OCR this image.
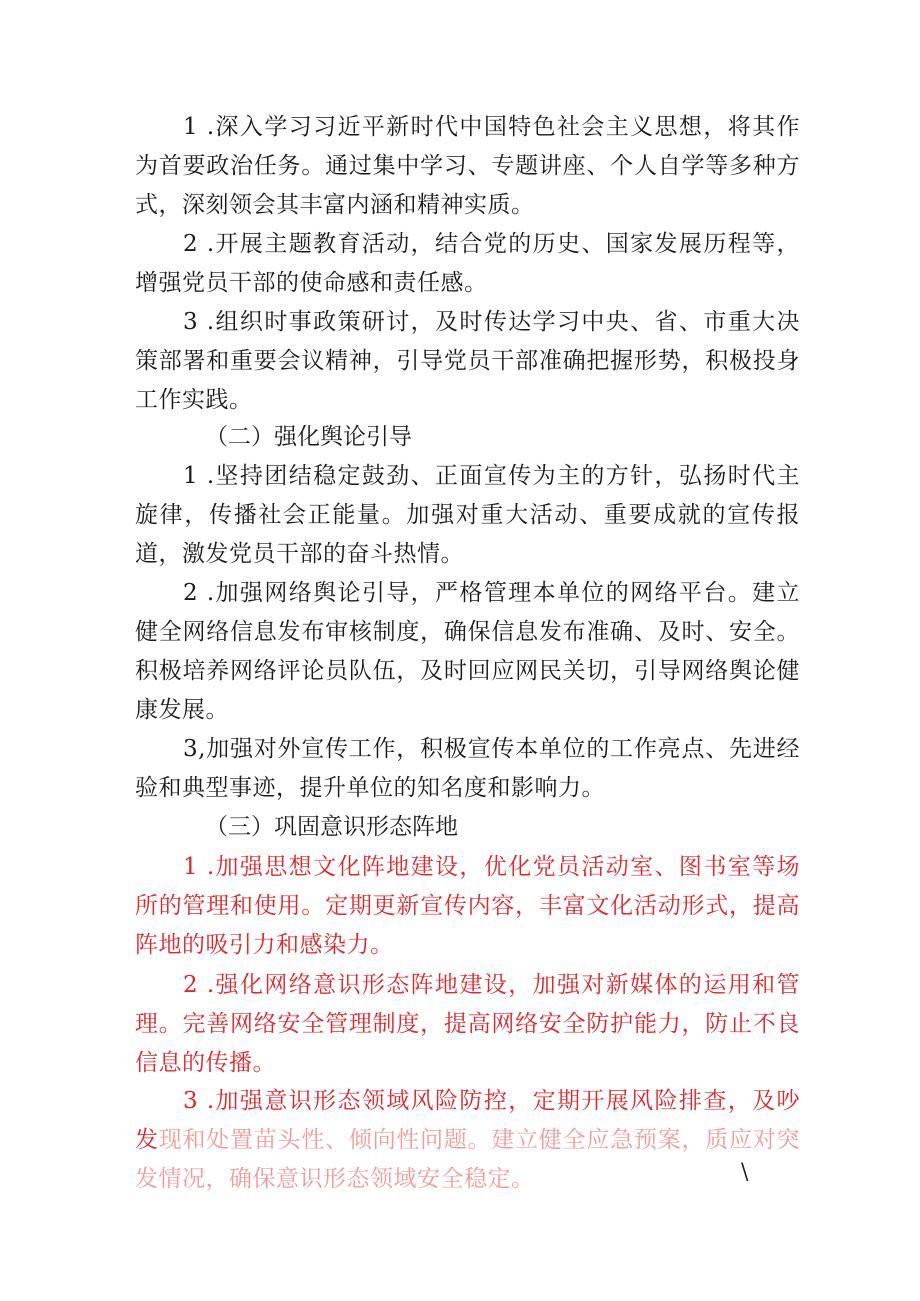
1 .深入学习习近平新时代中国特色社会主义思想，将其作为首要政治任务。通过集中学习、专题讲座、个人自学等多种方式，深刻领会其丰富内涵和精神实质。

2 .开展主题教育活动，结合党的历史、国家发展历程等，增强党员干部的使命感和责任感。

3 .组织时事政策研讨，及时传达学习中央、省、市重大决策部署和重要会议精神，引导党员干部准确把握形势，积极投身工作实践。

（二）强化舆论引导

1 .坚持团结稳定鼓劲、正面宣传为主的方针，弘扬时代主旋律，传播社会正能量。加强对重大活动、重要成就的宣传报道，激发党员干部的奋斗热情。

2 .加强网络舆论引导，严格管理本单位的网络平台。建立健全网络信息发布审核制度，确保信息发布准确、及时、安全。积极培养网络评论员队伍，及时回应网民关切，引导网络舆论健康发展。

3,加强对外宣传工作，积极宣传本单位的工作亮点、先进经验和典型事迹，提升单位的知名度和影响力。

（三）巩固意识形态阵地

1 .加强思想文化阵地建设，优化党员活动室、图书室等场所的管理和使用。定期更新宣传内容，丰富文化活动形式，提高阵地的吸引力和感染力。

2 .强化网络意识形态阵地建设，加强对新媒体的运用和管理。完善网络安全管理制度，提高网络安全防护能力，防止不良信息的传播。

3 .加强意识形态领域风险防控，定期开展风险排查，及吵发现和处置苗头性、倾向性问题。建立健全应急预案，质应对突发情况，确保意识形态领域安全稳定。	\
